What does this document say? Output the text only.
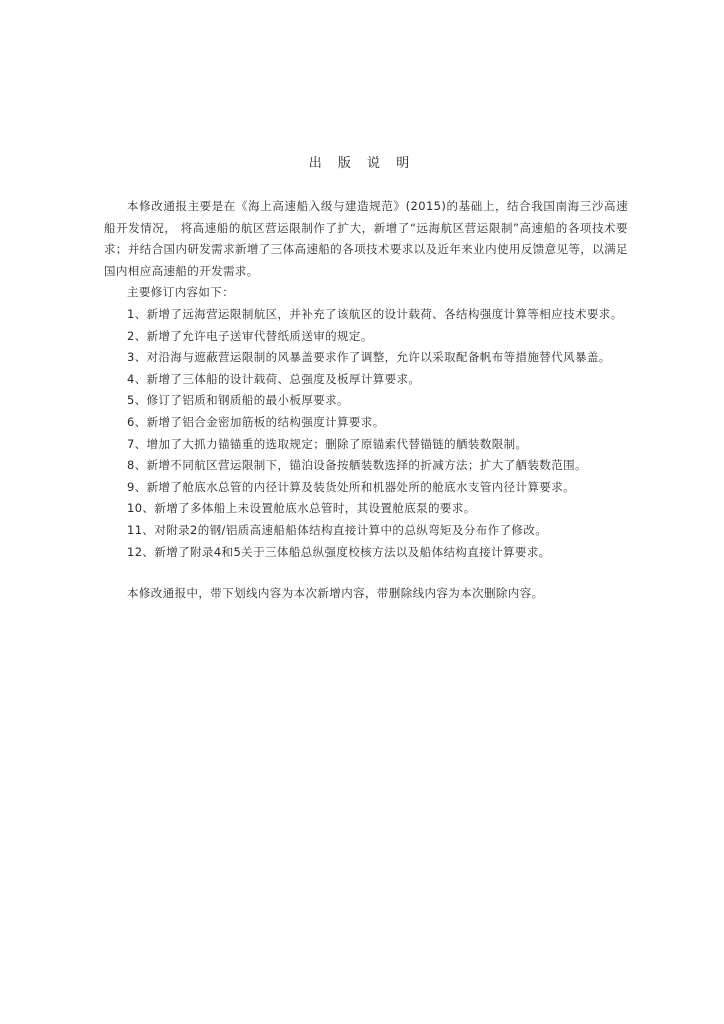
出 版 说 明

本修改通报主要是在《海上高速船入级与建造规范》(2015)的基础上，结合我国南海三沙高速船开发情况， 将高速船的航区营运限制作了扩大，新增了“远海航区营运限制”高速船的各项技术要求；并结合国内研发需求新增了三体高速船的各项技术要求以及近年来业内使用反馈意见等，以满足国内相应高速船的开发需求。

主要修订内容如下：

1、新增了远海营运限制航区，并补充了该航区的设计载荷、各结构强度计算等相应技术要求。

2、新增了允许电子送审代替纸质送审的规定。

3、对沿海与遮蔽营运限制的风暴盖要求作了调整，允许以采取配备帆布等措施替代风暴盖。

4、新增了三体船的设计载荷、总强度及板厚计算要求。

5、修订了铝质和钢质船的最小板厚要求。

6、新增了铝合金密加筋板的结构强度计算要求。

7、增加了大抓力锚锚重的选取规定；删除了原锚索代替锚链的舾装数限制。

8、新增不同航区营运限制下，锚泊设备按舾装数选择的折减方法；扩大了舾装数范围。

9、新增了舱底水总管的内径计算及装货处所和机器处所的舱底水支管内径计算要求。

10、新增了多体船上未设置舱底水总管时，其设置舱底泵的要求。

11、对附录2的钢/铝质高速船船体结构直接计算中的总纵弯矩及分布作了修改。

12、新增了附录4和5关于三体船总纵强度校核方法以及船体结构直接计算要求。

本修改通报中，带下划线内容为本次新增内容，带删除线内容为本次删除内容。
